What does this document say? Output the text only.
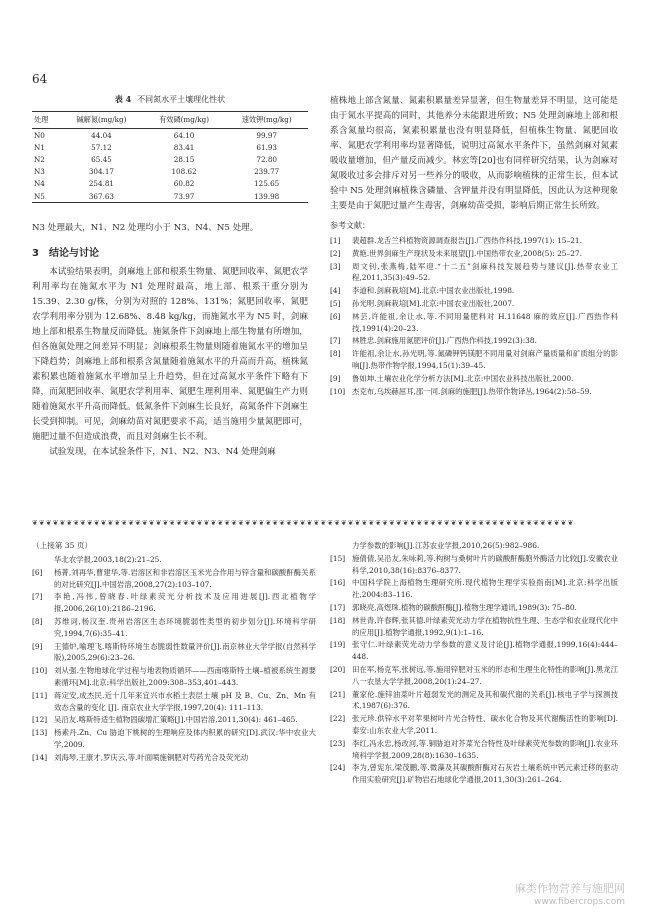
64
表 4 不同氮水平土壤理化性状
处理	碱解氮(mg/kg)	有效磷(mg/kg)	速效钾(mg/kg)
N0	44.04	64.10	99.97
N1	57.12	83.41	61.93
N2	65.45	28.15	72.80
N3	304.17	108.62	239.77
N4	254.81	60.82	125.65
N5	367.63	73.97	139.98
N3 处理最大，N1、N2 处理均小于 N3、N4、N5 处理。
3　结论与讨论
本试验结果表明，剑麻地上部和根系生物量、氮肥回收率、氮肥农学利用率均在施氮水平为 N1 处理时最高，地上部、根系干重分别为 15.39、2.30 g/株，分别为对照的 128%、131%；氮肥回收率、氮肥农学利用率分别为 12.68%、8.48 kg/kg，而施氮水平为 N5 时，剑麻地上部和根系生物量反而降低。施氮条件下剑麻地上部生物量有所增加，但各施氮处理之间差异不明显；剑麻根系生物量则随着施氮水平的增加呈下降趋势；剑麻地上部和根系含氮量随着施氮水平的升高而升高，植株氮素积累也随着施氮水平增加呈上升趋势，但在过高氮水平条件下略有下降，而氮肥回收率、氮肥农学利用率、氮肥生理利用率、氮肥偏生产力则随着施氮水平升高而降低。低氮条件下剑麻生长良好，高氮条件下剑麻生长受到抑制。可见，剑麻幼苗对氮肥要求不高，适当施用少量氮肥即可，施肥过量不但造成浪费，而且对剑麻生长不利。
试验发现，在本试验条件下，N1、N2、N3、N4 处理剑麻
植株地上部含氮量、氮素积累量差异显著，但生物量差异不明显，这可能是由于氮水平提高的同时，其他养分未能跟进所致；N5 处理剑麻地上部和根系含氮量均很高，氮素积累量也没有明显降低，但植株生物量、氮肥回收率、氮肥农学利用率均显著降低，说明过高氮水平条件下，虽然剑麻对氮素吸收量增加，但产量反而减少。林宏等[20]也有同样研究结果，认为剑麻对氮吸收过多会排斥对另一些养分的吸收，从而影响植株的正常生长，但本试验中 N5 处理剑麻植株含磷量、含钾量并没有明显降低，因此认为这种现象主要是由于氮肥过量产生毒害，剑麻幼苗受损，影响后期正常生长所致。
参考文献：
[1]	裴超群.龙舌兰科植物资源调查报告[J].广西热作科技,1997(1): 15–21.
[2]	黄艳.世界剑麻生产现状及未来展望[J].中国热带农业,2008(5): 25–27.
[3]	周文钊,张燕梅,陆军迎.“十二五”剑麻科技发展趋势与建议[J].热带农业工程,2011,35(3):49–52.
[4]	李道和.剑麻栽培[M].北京:中国农业出版社,1998.
[5]	孙光明.剑麻栽培[M].北京:中国农业出版社,2007.
[6]	林芸,许能祖,余让水,等.不同用量肥料对 H.11648 麻的效应[J].广西热作科技,1991(4):20–23.
[7]	林胜忠.剑麻施用氮肥评价[J].广西热作科技,1992(3):38.
[8]	许能祖,余让水,孙光明,等.氮磷钾钙镁肥不同用量对剑麻产量质量和矿质组分的影响[J].热带作物学报,1994,15(1):39–45.
[9]	鲁如坤.土壤农业化学分析方法[M].北京:中国农业科技出版社,2000.
[10] 杰克布,乌埃赫屈耳,邵一同.剑麻的施肥[J].热带作物译丛,1964(2):58–59.
❦❦❦❦❦❦❦❦❦❦❦❦❦❦❦❦❦❦❦❦❦❦❦❦❦❦❦❦❦❦❦❦❦❦❦❦❦❦❦❦❦❦❦❦❦❦❦❦❦❦❦❦❦❦❦❦❦❦❦❦❦❦❦❦❦❦❦❦❦❦❦❦❦❦❦❦❦❦❦
（上接第 35 页）
华北农学报,2003,18(2):21–25.
[6]	杨菁,刘再华,曹建华,等.岩溶区和非岩溶区玉米光合作用与锌含量和碳酸酐酶关系的对比研究[J].中国岩溶,2008,27(2):103–107.
[7]	李艳,冯伟,曾晓春.叶绿素荧光分析技术及应用进展[J].西北植物学报,2006,26(10):2186–2196.
[8]	苏维词,杨汉奎.贵州岩溶区生态环境脆弱性类型的初步划分[J].环境科学研究,1994,7(6):35–41.
[9]	王德炉,喻理飞.喀斯特环境生态脆弱性数量评价[J].南京林业大学学报(自然科学版),2005,29(6):23–26.
[10] 刘从强.生物地球化学过程与地表物质循环——西南喀斯特土壤–植被系统生源要素循环[M].北京:科学出版社,2009:308–353,401–443.
[11] 蒋定安,成杰民.近十几年来宜兴市水稻土表层土壤 pH 及 B、Cu、Zn、Mn 有效态含量的变化 [J]. 南京农业大学学报,1997,20(4): 111–113.
[12] 吴沿友.喀斯特适生植物固碳增汇策略[J].中国岩溶,2011,30(4): 461–465.
[13] 杨素丹.Zn、Cu 胁迫下桃树的生理响应及体内积累的研究[D].武汉:华中农业大学,2009.
[14] 刘海琴,王康才,罗庆云,等.叶面喷施铜肥对芍药光合及荧光动
力学参数的影响[J].江苏农业学报,2010,26(5):982–986.
[15] 施倩倩,吴沿友,朱咏莉,等.构树与桑树叶片的碳酸酐酶胞外酶活力比较[J].安徽农业科学,2010,38(16):8376–8377.
[16] 中国科学院上海植物生理研究所.现代植物生理学实验指南[M].北京:科学出版社,2004:83–116.
[17] 郭晓亮,高煜珠.植物的碳酸酐酶[J].植物生理学通讯,1989(3): 75–80.
[18] 林世青,许春辉,张其德.叶绿素荧光动力学在植物抗性生理、生态学和农业现代化中的应用[J].植物学通报,1992,9(1):1–16.
[19] 张守仁.叶绿素荧光动力学参数的意义及讨论[J].植物学通报,1999,16(4):444–448.
[20] 田在军,杨克军,张树远,等.施用锌肥对玉米的形态和生理生化特性的影响[J].黑龙江八一农垦大学学报,2008,20(1):24–27.
[21] 董家伦.施锌油菜叶片超弱发光的测定及其和碳代谢的关系[J].核电子学与探测技术,1987(6):376.
[22] 张元珍.供锌水平对苹果树叶片光合特性、碳水化合物及其代谢酶活性的影响[D].泰安:山东农业大学,2011.
[23] 李红,冯永忠,杨改河,等.铜胁迫对芥菜光合特性及叶绿素荧光参数的影响[J].农业环境科学学报,2009,28(8):1630–1635.
[24] 李为,曾宪东,梁茂鹏,等.微藻及其碳酸酐酶对石灰岩土壤系统中钙元素迁移的驱动作用实验研究[J].矿物岩石地球化学通报,2011,30(3):261–264.
麻类作物营养与施肥网
www.fibercrops.com
